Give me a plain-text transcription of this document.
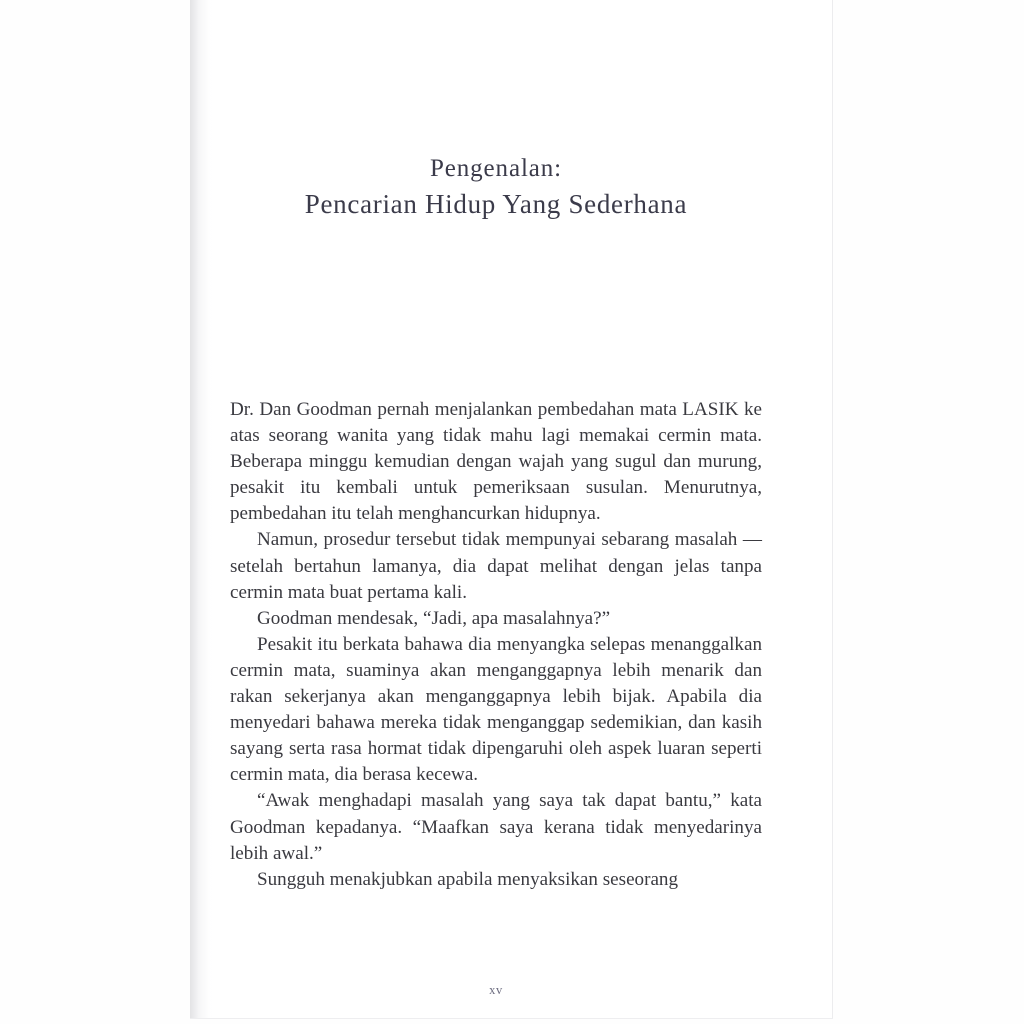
Pengenalan:
Pencarian Hidup Yang Sederhana

Dr. Dan Goodman pernah menjalankan pembedahan mata LASIK ke atas seorang wanita yang tidak mahu lagi memakai cermin mata. Beberapa minggu kemudian dengan wajah yang sugul dan murung, pesakit itu kembali untuk pemeriksaan susulan. Menurutnya, pembedahan itu telah menghancurkan hidupnya.

Namun, prosedur tersebut tidak mempunyai sebarang masalah — setelah bertahun lamanya, dia dapat melihat dengan jelas tanpa cermin mata buat pertama kali.

Goodman mendesak, “Jadi, apa masalahnya?”

Pesakit itu berkata bahawa dia menyangka selepas menanggalkan cermin mata, suaminya akan menganggapnya lebih menarik dan rakan sekerjanya akan menganggapnya lebih bijak. Apabila dia menyedari bahawa mereka tidak menganggap sedemikian, dan kasih sayang serta rasa hormat tidak dipengaruhi oleh aspek luaran seperti cermin mata, dia berasa kecewa.

“Awak menghadapi masalah yang saya tak dapat bantu,” kata Goodman kepadanya. “Maafkan saya kerana tidak menyedarinya lebih awal.”

Sungguh menakjubkan apabila menyaksikan seseorang

xv
